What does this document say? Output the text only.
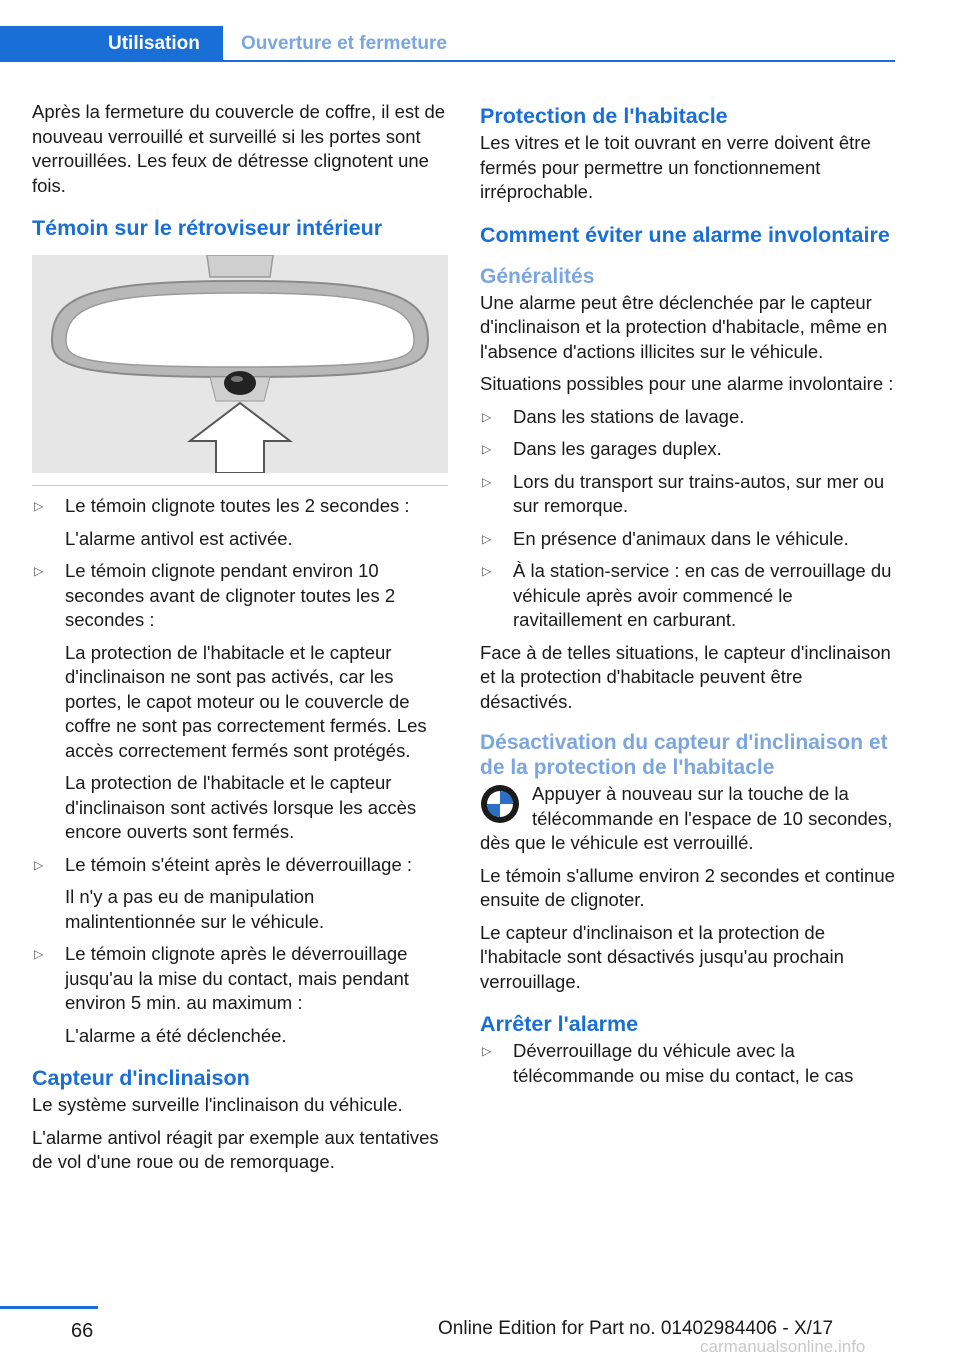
Utilisation	Ouverture et fermeture

Après la fermeture du couvercle de coffre, il est de nouveau verrouillé et surveillé si les portes sont verrouillées. Les feux de détresse clignotent une fois.

Témoin sur le rétroviseur intérieur
▷ Le témoin clignote toutes les 2 secondes :

L'alarme antivol est activée.

▷ Le témoin clignote pendant environ 10 secondes avant de clignoter toutes les 2 secondes :

La protection de l'habitacle et le capteur d'inclinaison ne sont pas activés, car les portes, le capot moteur ou le couvercle de coffre ne sont pas correctement fermés. Les accès correctement fermés sont protégés.

La protection de l'habitacle et le capteur d'inclinaison sont activés lorsque les accès encore ouverts sont fermés.

▷ Le témoin s'éteint après le déverrouillage :

Il n'y a pas eu de manipulation malintentionnée sur le véhicule.

▷ Le témoin clignote après le déverrouillage jusqu'au la mise du contact, mais pendant environ 5 min. au maximum :

L'alarme a été déclenchée.

Capteur d'inclinaison

Le système surveille l'inclinaison du véhicule.

L'alarme antivol réagit par exemple aux tentatives de vol d'une roue ou de remorquage.

Protection de l'habitacle

Les vitres et le toit ouvrant en verre doivent être fermés pour permettre un fonctionnement irréprochable.

Comment éviter une alarme involontaire
Généralités

Une alarme peut être déclenchée par le capteur d'inclinaison et la protection d'habitacle, même en l'absence d'actions illicites sur le véhicule.

Situations possibles pour une alarme involontaire :

▷ Dans les stations de lavage.
▷ Dans les garages duplex.
▷ Lors du transport sur trains-autos, sur mer ou sur remorque.
▷ En présence d'animaux dans le véhicule.
▷ À la station-service : en cas de verrouillage du véhicule après avoir commencé le ravitaillement en carburant.

Face à de telles situations, le capteur d'inclinaison et la protection d'habitacle peuvent être désactivés.

Désactivation du capteur d'inclinaison et de la protection de l'habitacle
Appuyer à nouveau sur la touche de la télécommande en l'espace de 10 secondes, dès que le véhicule est verrouillé.

Le témoin s'allume environ 2 secondes et continue ensuite de clignoter.

Le capteur d'inclinaison et la protection de l'habitacle sont désactivés jusqu'au prochain verrouillage.

Arrêter l'alarme
▷ Déverrouillage du véhicule avec la télécommande ou mise du contact, le cas
66	Online Edition for Part no. 01402984406 - X/17
carmanualsonline.info
